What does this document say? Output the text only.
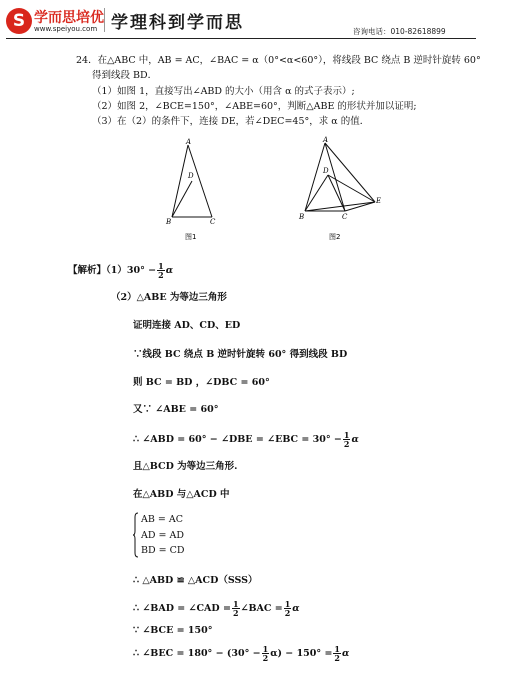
S 学而思培优
www.speiyou.com 学理科到学而思	咨询电话：010-82618899
24．在△ABC 中，AB = AC，∠BAC = α（0°<α<60°），将线段 BC 绕点 B 逆时针旋转 60°
得到线段 BD．
（1）如图 1，直接写出∠ABD 的大小（用含 α 的式子表示）;
（2）如图 2，∠BCE=150°，∠ABE=60°，判断△ABE 的形状并加以证明;
（3）在（2）的条件下，连接 DE，若∠DEC=45°，求 α 的值．
A
D
B	C
图1
A
D
B	C
E
图2
【解析】$(1)30^\circ - \frac{1}{2}$ α
（2）△ABE 为等边三角形
证明连接 AD、CD、ED
∵线段 BC 绕点 B 逆时针旋转 60° 得到线段 BD
则 BC = BD ，∠DBC = 60°
又∵ ∠ABE = 60°
∴ ∠ABD = 60° − ∠DBE = ∠EBC = $30^\circ - \frac{1}{2}$ α
且△BCD 为等边三角形.
在△ABD 与△ACD 中
AB = AC
AD = AD
BD = CD
∴ △ABD ≌ △ACD（SSS）
∴ ∠BAD = ∠CAD = $\frac{1}{2}$ ∠BAC = $\frac{1}{2}$ α
∵ ∠BCE = 150°
∴ ∠BEC = $180^\circ - (30^\circ - \frac{1}{2} \alpha) - 150^\circ = \frac{1}{2}$ α
